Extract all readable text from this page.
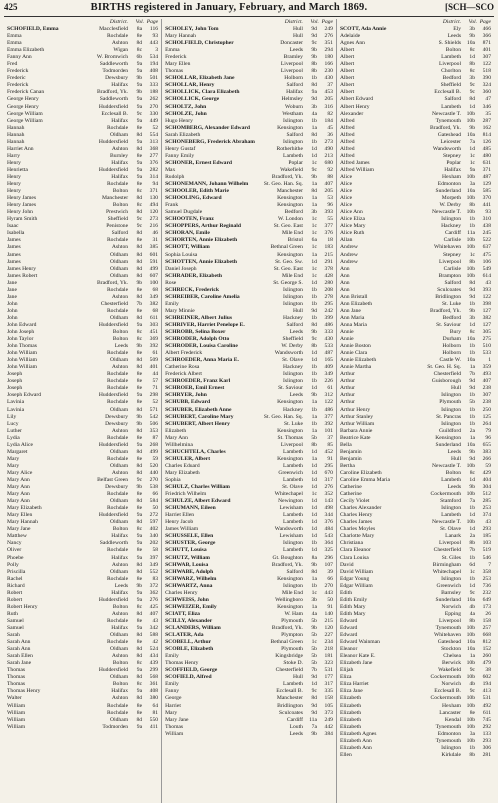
425	BIRTHS registered in January, February, and March 1869.	[SCH—SCO
District.	Vol. Page
SCHOFIELD, Emma	Macclesfield	8a	116
Emma	Rochdale	8e	93
Emma	Ashton	8d	443
Emma Elizabeth	Wigan	8c	3
Fanny Ann	W. Bromwich	6b	534
Fred	Saddleworth	9a	194
Frederick	Todmorden	9a	408
Frederic	Dewsbury	9b	501
Frederick	Halifax	9a	333
Frederick Canan	Bradford, Yk.	9b	188
George Henry	Saddleworth	9a	262
George Henry	Huddersfield	9a	270
George William	Ecclesall B.	9c	330
George William	Halifax	9a	449
Hannah	Rochdale	8e	52
Hannah	Oldham	8d	554
Hannah	Huddersfield	9a	313
Harriet Ann	Ashton	8d	368
Harry	Burnley	8e	277
Henry	Halifax	9a	376
Henrietta	Huddersfield	9a	282
Henry	Halifax	9a	314
Henry	Rochdale	8e	94
Henry	Bolton	8c	371
Henry James	Manchester	8d	130
Henry James	Bolton	8c	494
Henry John	Prestwich	8d	120
Hyram Smith	Sheffield	9c	273
Isaac	Penistone	9c	216
Isabella	Salford	8d	46
James	Rochdale	8e	31
James	Ashton	8d	385
James	Oldham	8d	601
James	Oldham	8d	591
James Henry	Oldham	8d	499
James Robert	Oldham	8d	607
Jane	Bradford, Yk.	9b	100
Jane	Rochdale	8e	68
Jane	Ashton	8d	349
John	Chesterfield	7b	382
John	Rochdale	8e	68
John	Oldham	8d	611
John Edward	Huddersfield	9a	303
John Joseph	Bolton	8c	451
John Taylor	Bolton	8c	369
John Thomas	Leeds	9b	392
John William	Rochdale	8e	61
John William	Oldham	8d	509
John William	Ashton	8d	401
Joseph	Rochdale	8e	44
Joseph	Rochdale	8e	57
Joseph	Rochdale	8e	71
Joseph Edward	Huddersfield	9a	298
Lavinia	Rochdale	8e	52
Lavinia	Oldham	8d	571
Lily	Dewsbury	9b	542
Lucy	Dewsbury	9b	506
Luther	Ashton	8d	353
Lydia	Rochdale	8e	87
Lydia Alice	Huddersfield	9a	268
Margaret	Oldham	8d	499
Mary	Rochdale	8e	59
Mary	Oldham	8d	520
Mary Alice	Ashton	8d	440
Mary Ann	Belfast Green	9c	270
Mary Ann	Dewsbury	9b	538
Mary Ann	Rochdale	8e	66
Mary Ann	Oldham	8d	584
Mary Elizabeth	Rochdale	8e	50
Mary Ellen	Huddersfield	9a	272
Mary Hannah	Oldham	8d	597
Mary Jane	Bolton	8c	402
Matthew	Halifax	9a	340
Nancy	Saddleworth	9a	202
Oliver	Rochdale	8e	58
Phoebe	Halifax	9a	397
Polly	Ashton	8d	349
Priscilla	Oldham	8d	552
Rachel	Rochdale	8e	83
Richard	Leeds	9b	372
Robert	Halifax	9a	362
Robert	Huddersfield	9a	276
Robert Henry	Bolton	8c	425
Ruth	Ashton	8d	407
Samuel	Rochdale	8e	43
Samuel	Halifax	9a	342
Sarah	Oldham	8d	588
Sarah Ann	Rochdale	8e	42
Sarah Ann	Oldham	8d	524
Sarah Ellen	Ashton	8d	434
Sarah Jane	Bolton	8c	439
Thomas	Huddersfield	9a	299
Thomas	Oldham	8d	568
Thomas	Bolton	8c	361
Thomas Henry	Halifax	9a	408
Walter	Ashton	8d	380
William	Rochdale	8e	64
William	Rochdale	8e	81
William	Oldham	8d	550
William	Todmorden	9a	411
District.	Vol. Page
SCHOLEY, John Tom	Hull	9d	249
Mary Hannah	Hull	9d	276
SCHOLFIELD, Christopher	Doncaster	9c	351
Emma	Leeds	9b	294
Frederick	Bramley	9b	180
Mary Ellen	Liverpool	8b	166
Thomas	Liverpool	8b	230
SCHOLLAR, Elizabeth Jane	Holborn	1b	430
SCHOLLAR, Henry	Salford	8d	37
SCHOLLICK, Clara Elizabeth	Halifax	9a	453
SCHOLLICK, George	Helmsley	9d	205
SCHOLTZ, John	Woburn	3b	316
SCHOLZE, John	Westham	4a	82
Hugo Henry	Islington	1b	184
SCHOMBERG, Alexander Edward	Kensington	1a	45
Sarah Elizabeth	Salford	8d	36
SCHONEBERG, Frederick Abraham	Islington	1b	273
Henry Gustaf	Rotherhithe	1d	490
Fanny Emily	Lambeth	1d	213
SCHONER, Ernest Edward	Poplar	1c	680
Max	Wakefield	9c	92
Rudolph	Bradford, Yk.	9b	88
SCHONEMANN, Johann Wilhelm	St. Geo. Han. Sq.	1a	407
SCHOOLER, Edith Marie	Manchester	8d	205
SCHOOLING, Edward	Kensington	1a	53
Frank	Kensington	1a	96
Samuel Dugdale	Bedford	3b	393
SCHOOTEN, Franz	W. London	1c	55
SCHOPPERS, Arthur Reginald	St. Geo. East	1c	377
SCHORAN, Emile	Mile End	1c	376
SCHORTEN, Annie Elizabeth	Bristol	6a	18
SCHOTT, William	Bethnal Green	1c	183
Sophia Louisa	Kensington	1a	215
SCHOTTEN, Annie Elizabeth	St. Geo. Sw.	1d	291
Daniel Joseph	St. Geo. East	1c	378
SCHRADER, Elizabeth	Mile End	1c	428
Rose	St. George S.	1d	280
SCHRECK, Frederick	Islington	1b	208
SCHREIBER, Caroline Amelia	Islington	1b	278
Emily	Islington	1b	295
Mary Minnie	Hull	9d	242
SCHREINER, Albert Julius	Hackney	1b	399
SCHRIVER, Harriet Penelope E.	Salford	8d	486
SCHROBB, Selina Boxer	Leeds	9b	333
SCHRODER, Adolph Otto	Sheffield	9c	430
SCHRODER, Louisa Caroline	W. Derby	8b	533
Albert Frederick	Wandsworth	1d	487
SCHROEDER, Anna Maria E.	St. Olave	1d	165
Catherine Rosa	Hackney	1b	409
Frederick Albert	Islington	1b	349
SCHROEDER, Franz Karl	Islington	1b	226
SCHROER, Emil Ernest	St. Saviour	1d	61
SCHRYER, John	Leeds	9b	312
SCHUBB, Edward	Kensington	1a	122
SCHUBER, Elizabeth Anne	Hackney	1b	486
SCHUBERT, Caroline Mary	St. Geo. Han. Sq.	1a	377
SCHUBERT, Albert Henry	St. Luke	1b	392
Elizabeth	Kensington	1a	101
Mary Ann	St. Thomas	5b	37
Willhelmina	Liverpool	8b	85
SCHUCHTELA, Charles	Lambeth	1d	452
SCHULER, Albert	Kensington	1a	91
Charles Eduard	Lambeth	1d	295
Mary Elizabeth	Greenwich	1d	670
Sophia	Lambeth	1d	317
SCHULZ, Charles William	St. Olave	1d	276
Friedrich Wilhelm	Whitechapel	1c	352
SCHULZE, Albert Edward	Newington	1d	143
SCHUMANN, Eileen	Lewisham	1d	498
Harriet Ellen	Lambeth	1d	344
Henry Jacob	Lambeth	1d	376
James William	Wandsworth	1d	484
SCHUSSELE, Ellen	Lewisham	1d	543
SCHUSTER, George	Islington	1b	364
SCHUTT, Louisa	Lambeth	1d	325
SCHUTZ, William	Gt. Boughton	8a	296
SCHWAB, Louisa	Bradford, Yk.	9b	107
SCHWABE, Adolph	Salford	8d	39
SCHWARZ, Wilhelm	Kensington	1a	66
SCHWARTZ, Anna	Islington	1b	270
Charles Henry	Mile End	1c	443
SCHWEISS, John	Wellingboro	3b	50
SCHWEIZER, Emily	Kensington	1a	91
SCIATT, Eliza	W. Ham	4a	140
SCILLY, Alexander	Plymouth	5b	215
SCLANDERS, William	Bradford, Yk.	9b	120
SCLATER, Ada	Plympton	5b	227
SCOBELL, Arthur	Bethnal Green	1c	234
SCOBLE, Elizabeth	Plymouth	5b	218
Emily	Kingsbridge	5b	181
Thomas Henry	Stoke D.	5b	323
SCOFFIELD, George	Chesterfield	7b	531
SCOFIELD, Alfred	Hull	9d	177
Emily	Lambeth	1d	317
Fanny	Ecclesall B.	9c	335
George	Manchester	8d	158
Harriet	Bridlington	9d	105
Mary	Sculcoates	9d	373
Mary Jane	Cardiff	11a	249
Thomas	Louth	7a	442
William	Leeds	9b	384
District.	Vol. Page
SCOTT, Ada Annie	Ely	3b	466
Adelaide	Leeds	9b	366
Agnes Ann	S. Shields	10a	871
Albert	Bolton	8c	401
Albert	Lambeth	1d	307
Albert	Liverpool	8b	122
Albert	Chorlton	8c	518
Albert	Bedford	3b	390
Albert	Sheffield	9c	324
Albert	Ecclesall B.	9c	360
Albert Edward	Salford	8d	47
Albert Henry	Lambeth	1d	346
Alexander	Newcastle T.	10b	35
Alfred	Tynemouth	10b	287
Alfred	Bradford, Yk.	9b	162
Alfred	Gateshead	10a	814
Alfred	Leicester	7a	126
Alfred	Wandsworth	1d	485
Alfred	Stepney	1c	480
Alfred James	Poplar	1c	631
Alfred William	Halifax	9a	371
Alice	Hexham	10b	487
Alice	Edmonton	3a	129
Alice	Sunderland	10a	585
Alice	Morpeth	10b	370
Alice	W. Derby	8b	441
Alice Ann	Newcastle T.	10b	93
Alice Eliza	Islington	1b	310
Alice Mary	Hackney	1b	438
Alice Ruth	Cardiff	11a	245
Allan	Carlisle	10b	522
Andrew	Whitehaven	10b	637
Andrew	Stepney	1c	475
Andrew	Liverpool	8b	106
Ann	Carlisle	10b	549
Ann	Brampton	10b	614
Ann	Salford	8d	43
Ann	Sculcoates	9d	393
Ann Bristall	Bridlington	9d	122
Ann Elizabeth	St. Luke	1b	398
Ann Jane	Bradford, Yk.	9b	127
Ann Maria	Bedford	3b	382
Anna Maria	St. Saviour	1d	127
Annie	Bury	8c	305
Annie	Durham	10a	275
Annie Boston	Holborn	1b	510
Annie Clara	Holborn	1b	533
Annie Elizabeth	Castle W.	10a	1
Annie Martha	St. Geo. H. Sq.	1a	359
Arthur	Chesterfield	7b	493
Arthur	Guisborough	9d	407
Arthur	Hull	9d	238
Arthur	Islington	1b	307
Arthur	Plymouth	5b	238
Arthur Henry	Islington	1b	250
Arthur Stanley	St. Pancras	1b	125
Arthur William	Islington	1b	264
Barbara Annie	Guildford	2a	79
Beatrice Kate	Kensington	1a	96
Bella	Sunderland	10a	655
Benjamin	Leeds	9b	383
Benjamin	Hull	9d	266
Bertha	Newcastle T.	10b	59
Caroline Elizabeth	Bolton	8c	429
Caroline Emma Maria	Lambeth	1d	404
Catherine	Leeds	9b	304
Catherine	Cockermouth	10b	512
Cecily Violet	Stamford	7a	285
Charles Alexander	Islington	1b	253
Charles Henry	Lambeth	1d	374
Charles James	Newcastle T.	10b	43
Charles Moyles	St. Olave	1d	293
Charlotte Mary	Lanark	2a	185
Christiana	Liverpool	8b	103
Clara Eleanor	Chesterfield	7b	519
Clara Louisa	St. Giles	1b	546
David	Birmingham	6d	7
David William	Whitechapel	1c	358
Edgar Young	Islington	1b	253
Edgar William	Greenwich	1d	736
Edith	Barnsley	9c	232
Edith Emily	Sunderland	10a	649
Edith Mary	Norwich	4b	173
Edith Mary	Epping	4a	26
Edward	Liverpool	8b	158
Edward	Tynemouth	10b	257
Edward	Whitehaven	10b	668
Edward Wainman	Gateshead	10a	812
Eleanor	Stockton	10a	152
Eleanor Kate E.	Chelsea	1a	260
Elizabeth Jane	Berwick	10b	479
Elijah	Wakefield	9c	38
Eliza	Cockermouth	10b	602
Eliza Harriet	Norwich	4b	194
Eliza Jane	Ecclesall B.	9c	413
Elizabeth	Cockermouth	10b	531
Elizabeth	Hexham	10b	492
Elizabeth	Lancaster	8e	611
Elizabeth	Kendal	10b	745
Elizabeth	Tynemouth	10b	292
Elizabeth Agnes	Edmonton	3a	133
Elizabeth Ann	Tynemouth	10b	293
Elizabeth Ann	Islington	1b	306
Ellen	Kirkdale	8b	281
